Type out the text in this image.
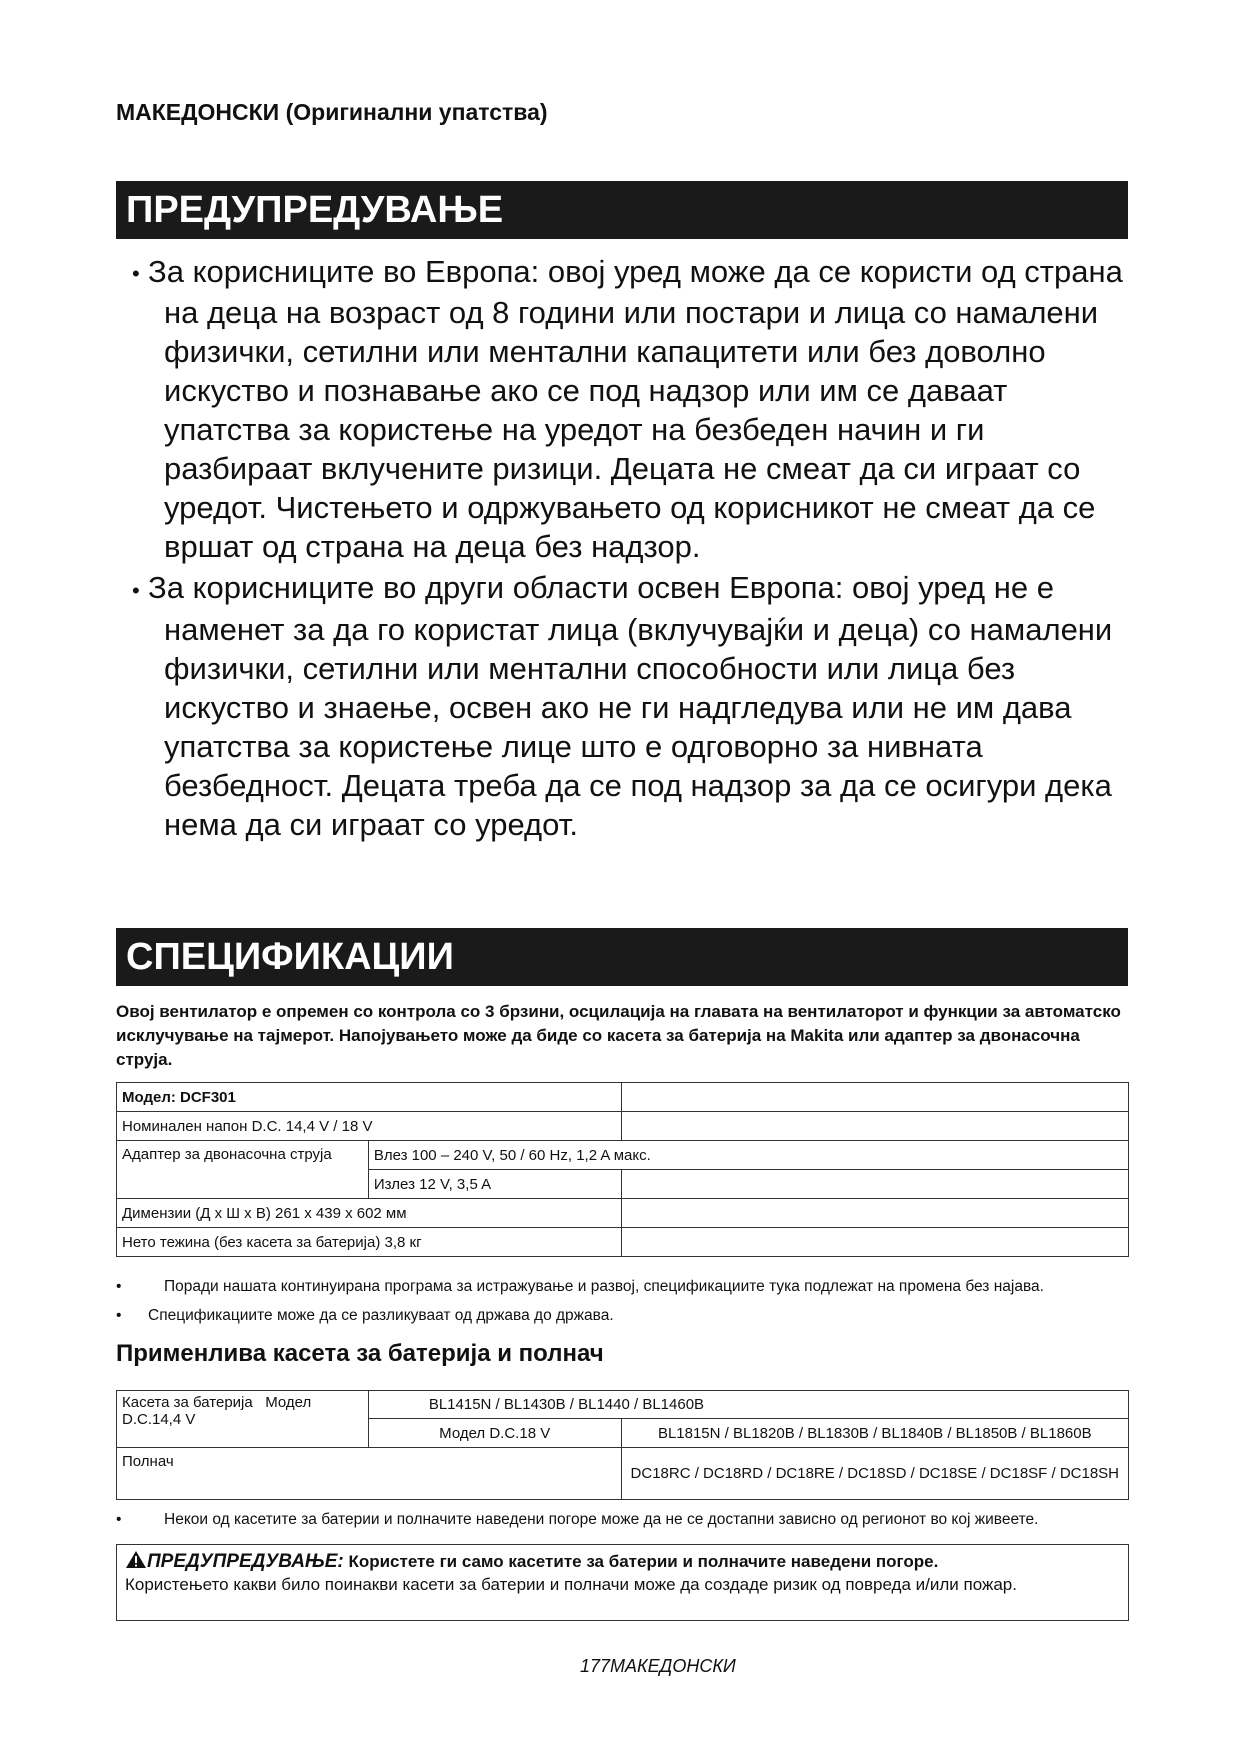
МАКЕДОНСКИ (Оригинални упатства)
ПРЕДУПРЕДУВАЊЕ

• За корисниците во Европа: овој уред може да се користи од страна на деца на возраст од 8 години или постари и лица со намалени физички, сетилни или ментални капацитети или без доволно искуство и познавање ако се под надзор или им се даваат упатства за користење на уредот на безбеден начин и ги разбираат вклучените ризици. Децата не смеат да си играат со уредот. Чистењето и одржувањето од корисникот не смеат да се вршат од страна на деца без надзор.

• За корисниците во други области освен Европа: овој уред не е наменет за да го користат лица (вклучувајќи и деца) со намалени физички, сетилни или ментални способности или лица без искуство и знаење, освен ако не ги надгледува или не им дава упатства за користење лице што е одговорно за нивната безбедност. Децата треба да се под надзор за да се осигури дека нема да си играат со уредот.

СПЕЦИФИКАЦИИ
Овој вентилатор е опремен со контрола со 3 брзини, осцилација на главата на вентилаторот и функции за автоматско исклучување на тајмерот. Напојувањето може да биде со касета за батерија на Makita или адаптер за двонасочна струја.
Модел: DCF301		
Номинален напон D.C. 14,4 V / 18 V		
Адаптер за двонасочна струја	Влез 100 – 240 V, 50 / 60 Hz, 1,2 A макс.	
	Излез 12 V, 3,5 A	
Димензии (Д x Ш x В) 261 x 439 x 602 мм		
Нето тежина (без касета за батерија) 3,8 кг		
•	Поради нашата континуирана програма за истражување и развој, спецификациите тука подлежат на промена без најава.
• Спецификациите може да се разликуваат од држава до држава.
Применлива касета за батерија и полнач
Касета за батерија Модел D.C.14,4 V	BL1415N / BL1430B / BL1440 / BL1460B	
	Модел D.C.18 V	BL1815N / BL1820B / BL1830B / BL1840B / BL1850B / BL1860B
Полнач		DC18RC / DC18RD / DC18RE / DC18SD / DC18SE / DC18SF / DC18SH
•	Некои од касетите за батерии и полначите наведени погоре може да не се достапни зависно од регионот во кој живеете.
ПРЕДУПРЕДУВАЊЕ: Користете ги само касетите за батерии и полначите наведени погоре.
Користењето какви било поинакви касети за батерии и полначи може да создаде ризик од повреда и/или пожар.
177МАКЕДОНСКИ
